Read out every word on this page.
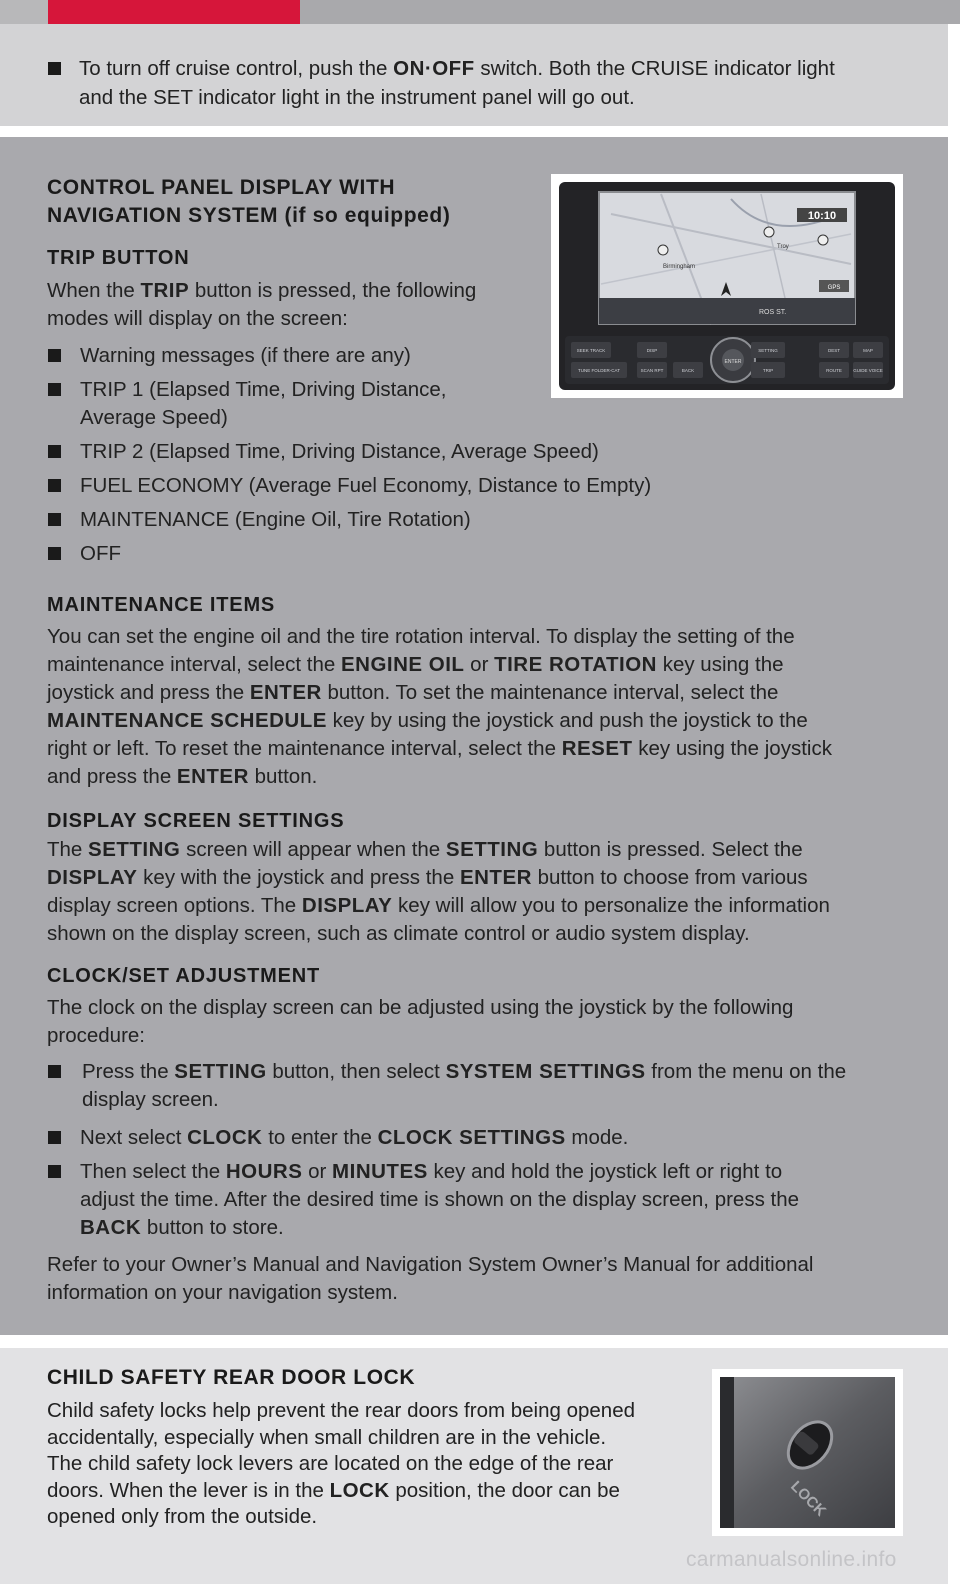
To turn off cruise control, push the ON·OFF switch. Both the CRUISE indicator light
and the SET indicator light in the instrument panel will go out.
CONTROL PANEL DISPLAY WITH
NAVIGATION SYSTEM (if so equipped)
TRIP BUTTON
When the TRIP button is pressed, the following
modes will display on the screen:
Warning messages (if there are any)
TRIP 1 (Elapsed Time, Driving Distance,
Average Speed)
TRIP 2 (Elapsed Time, Driving Distance, Average Speed)
FUEL ECONOMY (Average Fuel Economy, Distance to Empty)
MAINTENANCE (Engine Oil, Tire Rotation)
OFF
10:10
Birmingham
Troy
GPS
ROS ST.
ENTER
SEEK TRACK	DISP	SETTING	DEST	MAP
TUNE FOLDER-CAT	SCAN RPT	BACK	TRIP	ROUTE	GUIDE VOICE
MAINTENANCE ITEMS
You can set the engine oil and the tire rotation interval. To display the setting of the
maintenance interval, select the ENGINE OIL or TIRE ROTATION key using the
joystick and press the ENTER button. To set the maintenance interval, select the
MAINTENANCE SCHEDULE key by using the joystick and push the joystick to the
right or left. To reset the maintenance interval, select the RESET key using the joystick
and press the ENTER button.
DISPLAY SCREEN SETTINGS
The SETTING screen will appear when the SETTING button is pressed. Select the
DISPLAY key with the joystick and press the ENTER button to choose from various
display screen options. The DISPLAY key will allow you to personalize the information
shown on the display screen, such as climate control or audio system display.
CLOCK/SET ADJUSTMENT
The clock on the display screen can be adjusted using the joystick by the following
procedure:
Press the SETTING button, then select SYSTEM SETTINGS from the menu on the
display screen.
Next select CLOCK to enter the CLOCK SETTINGS mode.
Then select the HOURS or MINUTES key and hold the joystick left or right to
adjust the time. After the desired time is shown on the display screen, press the
BACK button to store.
Refer to your Owner’s Manual and Navigation System Owner’s Manual for additional
information on your navigation system.
CHILD SAFETY REAR DOOR LOCK
Child safety locks help prevent the rear doors from being opened
accidentally, especially when small children are in the vehicle.
The child safety lock levers are located on the edge of the rear
doors. When the lever is in the LOCK position, the door can be
opened only from the outside.	LOCK
carmanualsonline.info
